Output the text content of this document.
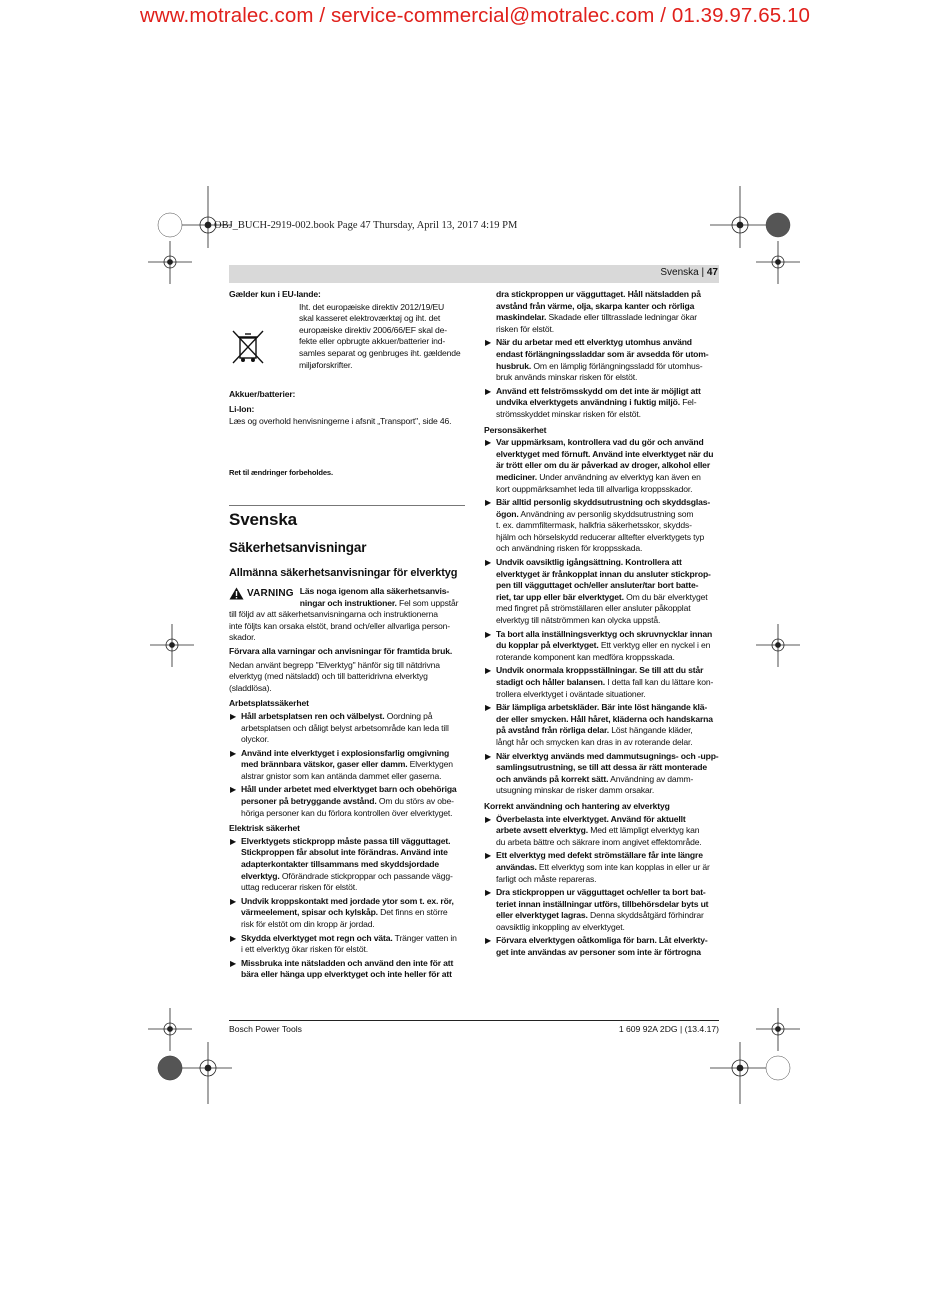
www.motralec.com / service-commercial@motralec.com / 01.39.97.65.10
OBJ_BUCH-2919-002.book Page 47 Thursday, April 13, 2017 4:19 PM
Svenska | 47
Gælder kun i EU-lande:
Iht. det europæiske direktiv 2012/19/EU
skal kasseret elektroværktøj og iht. det
europæiske direktiv 2006/66/EF skal de-
fekte eller opbrugte akkuer/batterier ind-
samles separat og genbruges iht. gældende
miljøforskrifter.
Akkuer/batterier:
Li-Ion:
Læs og overhold henvisningerne i afsnit „Transport", side 46.
Ret til ændringer forbeholdes.
Svenska
Säkerhetsanvisningar
Allmänna säkerhetsanvisningar för elverktyg
VARNING Läs noga igenom alla säkerhetsanvis-
ningar och instruktioner. Fel som uppstår
till följd av att säkerhetsanvisningarna och instruktionerna
inte följts kan orsaka elstöt, brand och/eller allvarliga person-
skador.
Förvara alla varningar och anvisningar för framtida bruk.
Nedan använt begrepp "Elverktyg" hänför sig till nätdrivna
elverktyg (med nätsladd) och till batteridrivna elverktyg
(sladdlösa).
Arbetsplatssäkerhet
▶ Håll arbetsplatsen ren och välbelyst. Oordning på
arbetsplatsen och dåligt belyst arbetsområde kan leda till
olyckor.
▶ Använd inte elverktyget i explosionsfarlig omgivning
med brännbara vätskor, gaser eller damm. Elverktygen
alstrar gnistor som kan antända dammet eller gaserna.
▶ Håll under arbetet med elverktyget barn och obehöriga
personer på betryggande avstånd. Om du störs av obe-
höriga personer kan du förlora kontrollen över elverktyget.
Elektrisk säkerhet
▶ Elverktygets stickpropp måste passa till vägguttaget.
Stickproppen får absolut inte förändras. Använd inte
adapterkontakter tillsammans med skyddsjordade
elverktyg. Oförändrade stickproppar och passande vägg-
uttag reducerar risken för elstöt.
▶ Undvik kroppskontakt med jordade ytor som t. ex. rör,
värmeelement, spisar och kylskåp. Det finns en större
risk för elstöt om din kropp är jordad.
▶ Skydda elverktyget mot regn och väta. Tränger vatten in
i ett elverktyg ökar risken för elstöt.
▶ Missbruka inte nätsladden och använd den inte för att
bära eller hänga upp elverktyget och inte heller för att
dra stickproppen ur vägguttaget. Håll nätsladden på
avstånd från värme, olja, skarpa kanter och rörliga
maskindelar. Skadade eller tilltrasslade ledningar ökar
risken för elstöt.
▶ När du arbetar med ett elverktyg utomhus använd
endast förlängningssladdar som är avsedda för utom-
husbruk. Om en lämplig förlängningssladd för utomhus-
bruk används minskar risken för elstöt.
▶ Använd ett felströmsskydd om det inte är möjligt att
undvika elverktygets användning i fuktig miljö. Fel-
strömsskyddet minskar risken för elstöt.
Personsäkerhet
▶ Var uppmärksam, kontrollera vad du gör och använd
elverktyget med förnuft. Använd inte elverktyget när du
är trött eller om du är påverkad av droger, alkohol eller
mediciner. Under användning av elverktyg kan även en
kort ouppmärksamhet leda till allvarliga kroppsskador.
▶ Bär alltid personlig skyddsutrustning och skyddsglas-
ögon. Användning av personlig skyddsutrustning som
t. ex. dammfiltermask, halkfria säkerhetsskor, skydds-
hjälm och hörselskydd reducerar alltefter elverktygets typ
och användning risken för kroppsskada.
▶ Undvik oavsiktlig igångsättning. Kontrollera att
elverktyget är frånkopplat innan du ansluter stickprop-
pen till vägguttaget och/eller ansluter/tar bort batte-
riet, tar upp eller bär elverktyget. Om du bär elverktyget
med fingret på strömställaren eller ansluter påkopplat
elverktyg till nätströmmen kan olycka uppstå.
▶ Ta bort alla inställningsverktyg och skruvnycklar innan
du kopplar på elverktyget. Ett verktyg eller en nyckel i en
roterande komponent kan medföra kroppsskada.
▶ Undvik onormala kroppsställningar. Se till att du står
stadigt och håller balansen. I detta fall kan du lättare kon-
trollera elverktyget i oväntade situationer.
▶ Bär lämpliga arbetskläder. Bär inte löst hängande klä-
der eller smycken. Håll håret, kläderna och handskarna
på avstånd från rörliga delar. Löst hängande kläder,
långt hår och smycken kan dras in av roterande delar.
▶ När elverktyg används med dammutsugnings- och -upp-
samlingsutrustning, se till att dessa är rätt monterade
och används på korrekt sätt. Användning av damm-
utsugning minskar de risker damm orsakar.
Korrekt användning och hantering av elverktyg
▶ Överbelasta inte elverktyget. Använd för aktuellt
arbete avsett elverktyg. Med ett lämpligt elverktyg kan
du arbeta bättre och säkrare inom angivet effektområde.
▶ Ett elverktyg med defekt strömställare får inte längre
användas. Ett elverktyg som inte kan kopplas in eller ur är
farligt och måste repareras.
▶ Dra stickproppen ur vägguttaget och/eller ta bort bat-
teriet innan inställningar utförs, tillbehörsdelar byts ut
eller elverktyget lagras. Denna skyddsåtgärd förhindrar
oavsiktlig inkoppling av elverktyget.
▶ Förvara elverktygen oåtkomliga för barn. Låt elverkty-
get inte användas av personer som inte är förtrogna
Bosch Power Tools	1 609 92A 2DG | (13.4.17)
